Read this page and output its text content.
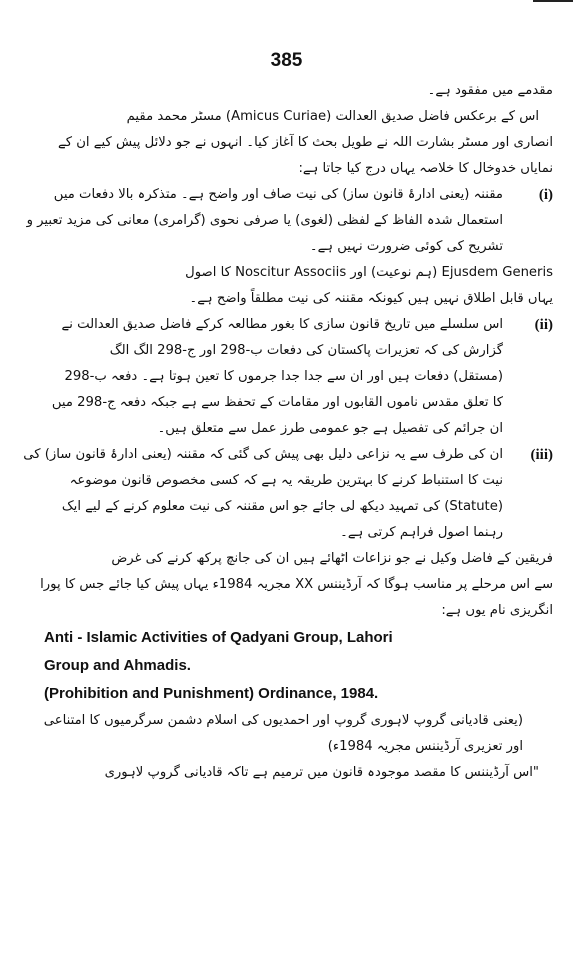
385
مقدمے میں مفقود ہے۔
اس کے برعکس فاضل صدیق العدالت (Amicus Curiae) مسٹر محمد مقیم
انصاری اور مسٹر بشارت اللہ نے طویل بحث کا آغاز کیا۔ انہوں نے جو دلائل پیش کیے ان کے
نمایاں خدوخال کا خلاصہ یہاں درج کیا جاتا ہے:
(i)
مقننہ (یعنی ادارۂ قانون ساز) کی نیت صاف اور واضح ہے۔ متذکرہ بالا دفعات میں
استعمال شدہ الفاظ کے لفظی (لغوی) یا صرفی نحوی (گرامری) معانی کی مزید تعبیر و
تشریح کی کوئی ضرورت نہیں ہے۔
Ejusdem Generis (ہم نوعیت) اور Noscitur Associis کا اصول
یہاں قابل اطلاق نہیں ہیں کیونکہ مقننہ کی نیت مطلقاً واضح ہے۔
(ii)
اس سلسلے میں تاریخ قانون سازی کا بغور مطالعہ کرکے فاضل صدیق العدالت نے
گزارش کی کہ تعزیرات پاکستان کی دفعات ب-298 اور ج-298 الگ الگ
(مستقل) دفعات ہیں اور ان سے جدا جدا جرموں کا تعین ہوتا ہے۔ دفعہ ب-298
کا تعلق مقدس ناموں القابوں اور مقامات کے تحفظ سے ہے جبکہ دفعہ ج-298 میں
ان جرائم کی تفصیل ہے جو عمومی طرز عمل سے متعلق ہیں۔
(iii)
ان کی طرف سے یہ نزاعی دلیل بھی پیش کی گئی کہ مقننہ (یعنی ادارۂ قانون ساز) کی
نیت کا استنباط کرنے کا بہترین طریقہ یہ ہے کہ کسی مخصوص قانون موضوعہ
(Statute) کی تمہید دیکھ لی جائے جو اس مقننہ کی نیت معلوم کرنے کے لیے ایک
رہنما اصول فراہم کرتی ہے۔
فریقین کے فاضل وکیل نے جو نزاعات اٹھائے ہیں ان کی جانچ پرکھ کرنے کی غرض
سے اس مرحلے پر مناسب ہوگا کہ آرڈیننس XX مجریہ 1984ء یہاں پیش کیا جائے جس کا پورا
انگریزی نام یوں ہے:
Anti - Islamic Activities of Qadyani Group, Lahori
Group and Ahmadis.
(Prohibition and Punishment) Ordinance, 1984.
(یعنی قادیانی گروپ لاہوری گروپ اور احمدیوں کی اسلام دشمن سرگرمیوں کا امتناعی
اور تعزیری آرڈیننس مجریہ 1984ء)
"اس آرڈیننس کا مقصد موجودہ قانون میں ترمیم ہے تاکہ قادیانی گروپ لاہوری
